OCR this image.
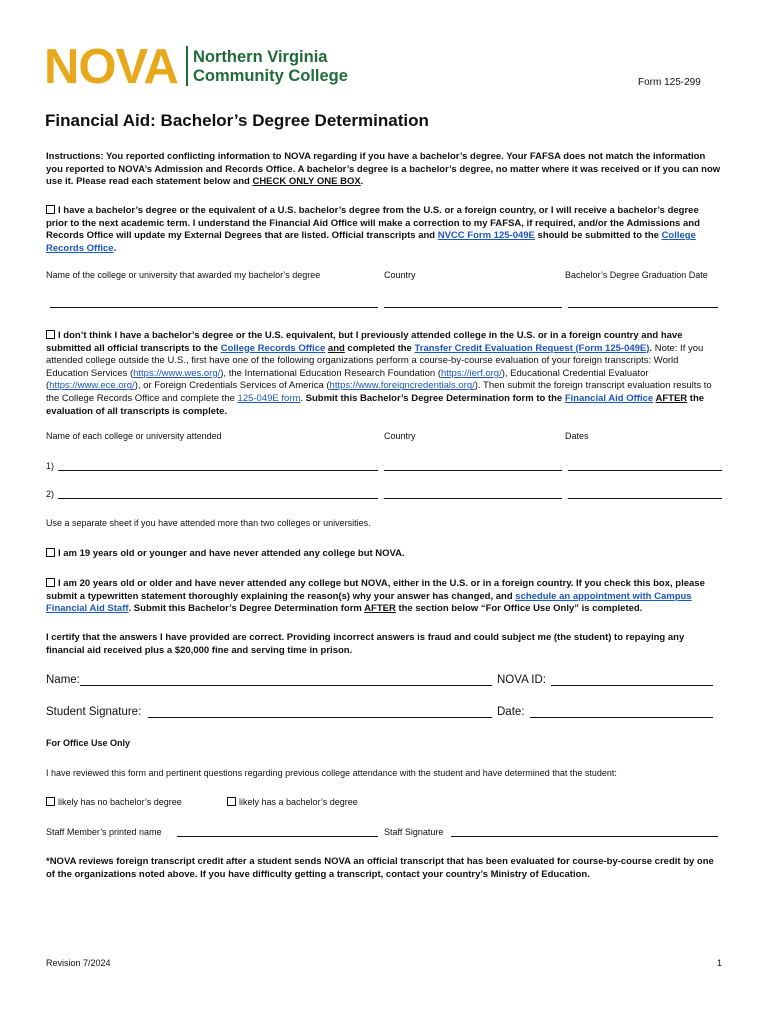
NOVA Northern Virginia
Community College	Form 125-299
Financial Aid: Bachelor’s Degree Determination
Instructions: You reported conflicting information to NOVA regarding if you have a bachelor’s degree. Your FAFSA does not match the information you reported to NOVA’s Admission and Records Office. A bachelor’s degree is a bachelor’s degree, no matter where it was received or if you can now use it. Please read each statement below and CHECK ONLY ONE BOX.
I have a bachelor’s degree or the equivalent of a U.S. bachelor’s degree from the U.S. or a foreign country, or I will receive a bachelor’s degree prior to the next academic term. I understand the Financial Aid Office will make a correction to my FAFSA, if required, and/or the Admissions and Records Office will update my External Degrees that are listed. Official transcripts and NVCC Form 125-049E should be submitted to the College Records Office.
Name of the college or university that awarded my bachelor’s degree	Country	Bachelor’s Degree Graduation Date
I don’t think I have a bachelor’s degree or the U.S. equivalent, but I previously attended college in the U.S. or in a foreign country and have submitted all official transcripts to the College Records Office and completed the Transfer Credit Evaluation Request (Form 125-049E). Note: If you attended college outside the U.S., first have one of the following organizations perform a course-by-course evaluation of your foreign transcripts: World Education Services (https://www.wes.org/), the International Education Research Foundation (https://ierf.org/), Educational Credential Evaluator (https://www.ece.org/), or Foreign Credentials Services of America (https://www.foreigncredentials.org/). Then submit the foreign transcript evaluation results to the College Records Office and complete the 125-049E form. Submit this Bachelor’s Degree Determination form to the Financial Aid Office AFTER the evaluation of all transcripts is complete.
Name of each college or university attended	Country	Dates
1)
2)
Use a separate sheet if you have attended more than two colleges or universities.
I am 19 years old or younger and have never attended any college but NOVA.
I am 20 years old or older and have never attended any college but NOVA, either in the U.S. or in a foreign country. If you check this box, please submit a typewritten statement thoroughly explaining the reason(s) why your answer has changed, and schedule an appointment with Campus Financial Aid Staff. Submit this Bachelor’s Degree Determination form AFTER the section below “For Office Use Only” is completed.
I certify that the answers I have provided are correct. Providing incorrect answers is fraud and could subject me (the student) to repaying any financial aid received plus a $20,000 fine and serving time in prison.
Name:	NOVA ID:
Student Signature:	Date:
For Office Use Only
I have reviewed this form and pertinent questions regarding previous college attendance with the student and have determined that the student:
likely has no bachelor’s degree	likely has a bachelor’s degree
Staff Member’s printed name	Staff Signature
*NOVA reviews foreign transcript credit after a student sends NOVA an official transcript that has been evaluated for course-by-course credit by one of the organizations noted above. If you have difficulty getting a transcript, contact your country’s Ministry of Education.
Revision 7/2024	1
